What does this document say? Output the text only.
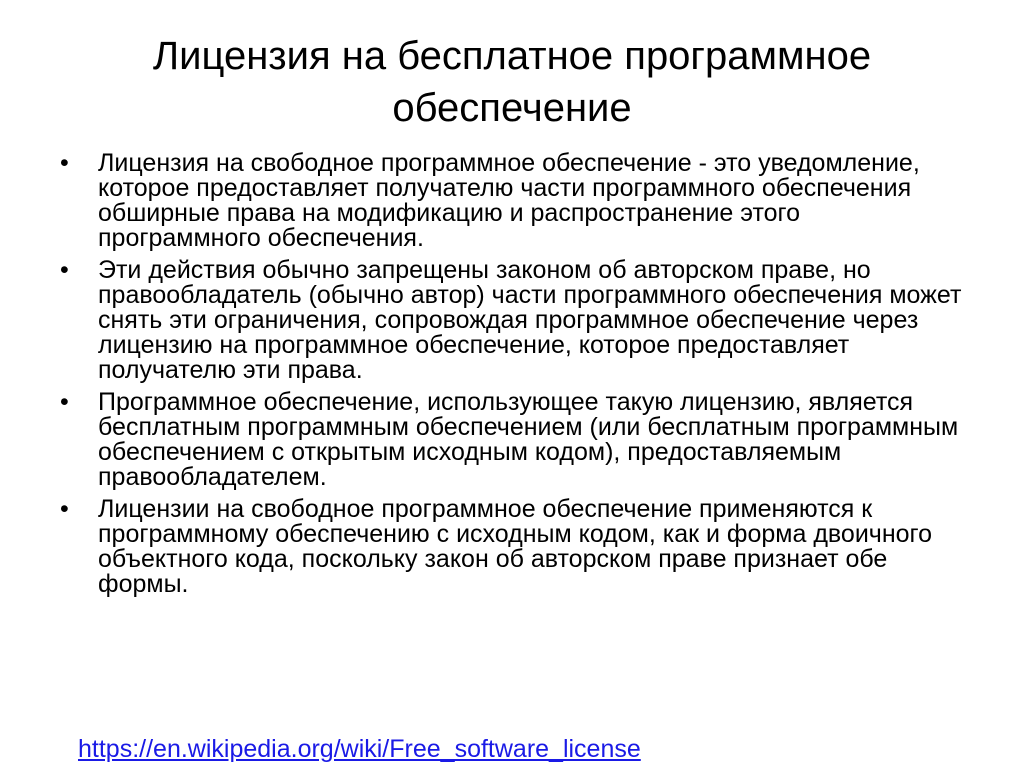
Лицензия на бесплатное программное обеспечение
•	Лицензия на свободное программное обеспечение - это уведомление, которое предоставляет получателю части программного обеспечения обширные права на модификацию и распространение этого программного обеспечения.
•	Эти действия обычно запрещены законом об авторском праве, но правообладатель (обычно автор) части программного обеспечения может снять эти ограничения, сопровождая программное обеспечение через лицензию на программное обеспечение, которое предоставляет получателю эти права.
•	Программное обеспечение, использующее такую лицензию, является бесплатным программным обеспечением (или бесплатным программным обеспечением с открытым исходным кодом), предоставляемым правообладателем.
•	Лицензии на свободное программное обеспечение применяются к программному обеспечению с исходным кодом, как и форма двоичного объектного кода, поскольку закон об авторском праве признает обе формы.
https://en.wikipedia.org/wiki/Free_software_license
